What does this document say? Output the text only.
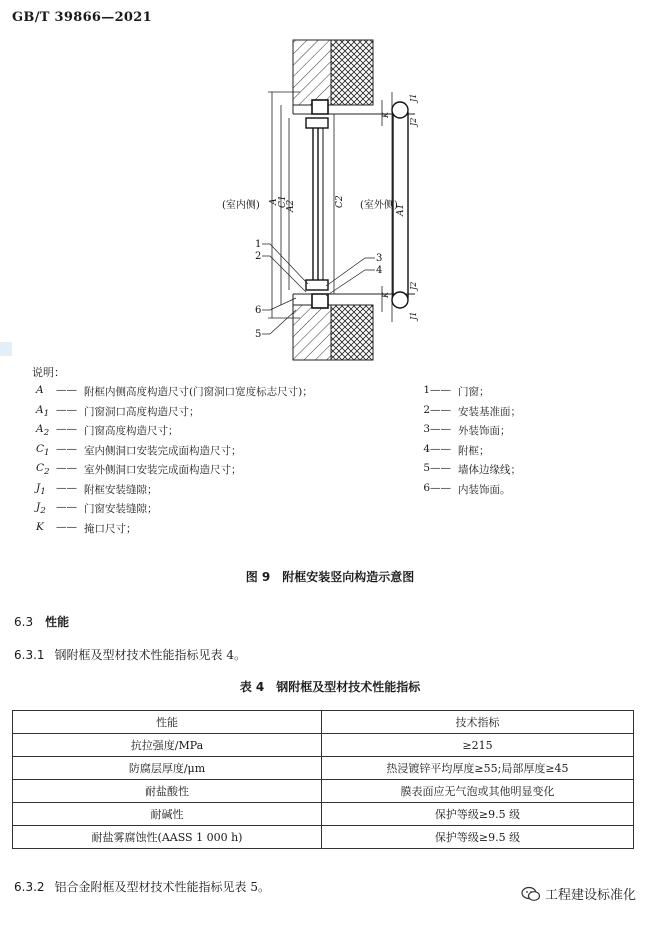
GB/T 39866—2021
(室内侧)	(室外侧)
A C1
A2	C2
A1
K
J1
J2
K
J2
J1
1
2	3
4
6
5
说明：
A	—— 附框内侧高度构造尺寸(门窗洞口宽度标志尺寸)；
$A_1$ —— 门窗洞口高度构造尺寸；
$A_2$ —— 门窗高度构造尺寸；
$C_1$ —— 室内侧洞口安装完成面构造尺寸；
$C_2$ —— 室外侧洞口安装完成面构造尺寸；
$J_1$ —— 附框安装缝隙；
$J_2$ —— 门窗安装缝隙；
K	—— 掩口尺寸；
1 —— 门窗；
2 —— 安装基准面；
3 —— 外装饰面；
4 —— 附框；
5 —— 墙体边缘线；
6 —— 内装饰面。
图 9　附框安装竖向构造示意图
6.3 性能
6.3.1 钢附框及型材技术性能指标见表 4。
表 4　钢附框及型材技术性能指标
性能	技术指标
抗拉强度/MPa	≥215
防腐层厚度/μm	热浸镀锌平均厚度≥55;局部厚度≥45
耐盐酸性	膜表面应无气泡或其他明显变化
耐碱性	保护等级≥9.5 级
耐盐雾腐蚀性(AASS 1 000 h)	保护等级≥9.5 级
6.3.2 铝合金附框及型材技术性能指标见表 5。
工程建设标准化
